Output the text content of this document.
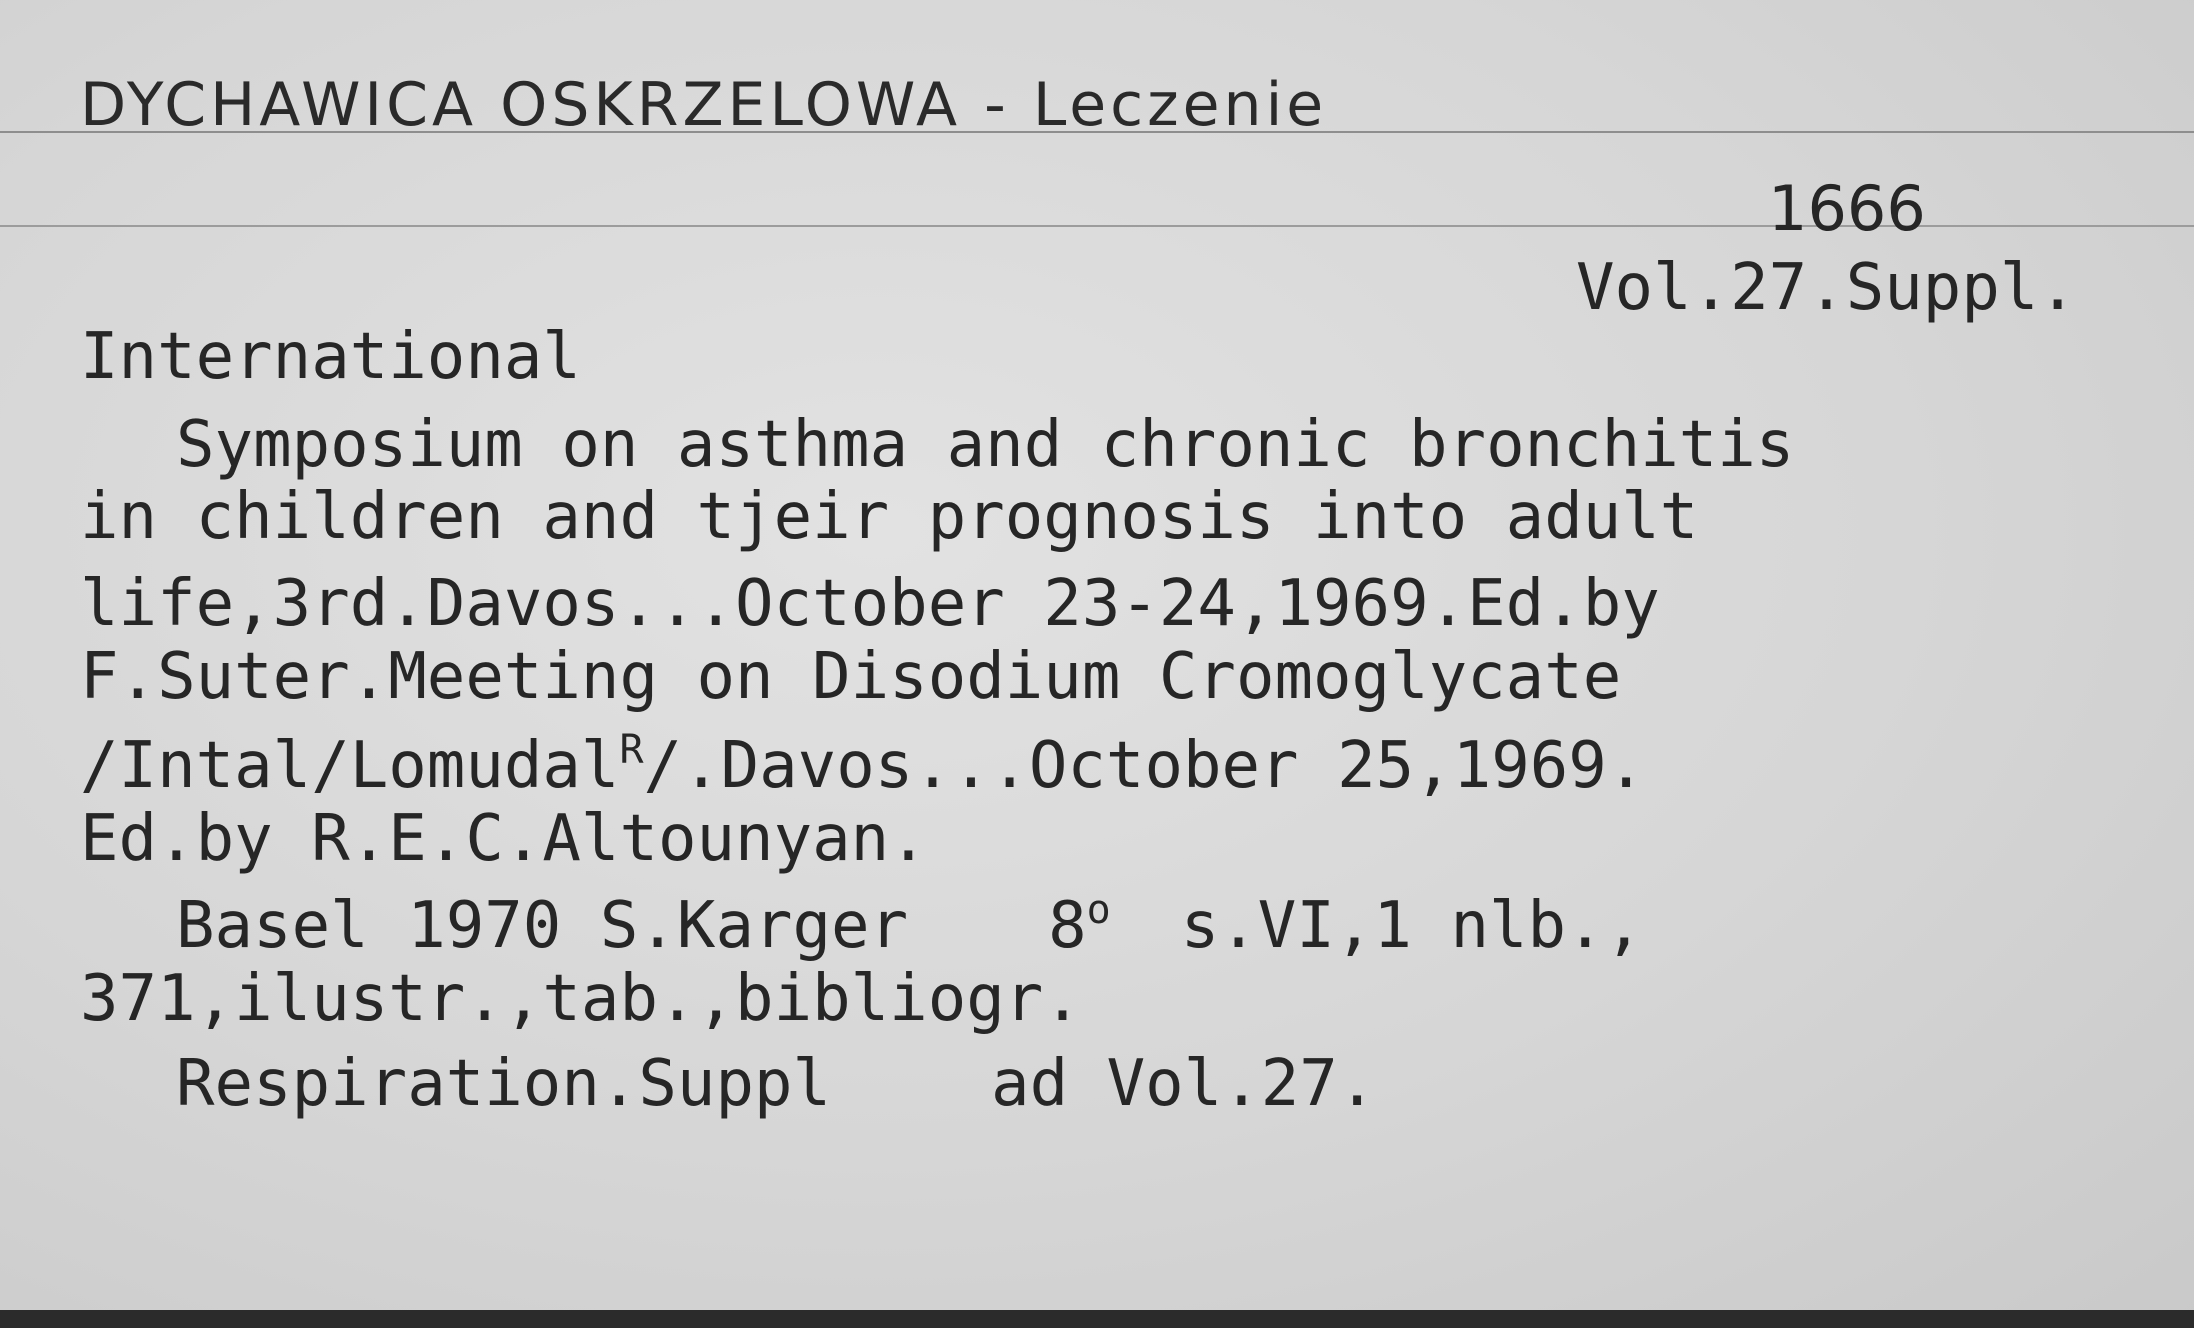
DYCHAWICA OSKRZELOWA - Leczenie
1666
Vol.27.Suppl.
International
Symposium on asthma and chronic bronchitis
in children and tjeir prognosis into adult
life,3rd.Davos...October 23-24,1969.Ed.by
F.Suter.Meeting on Disodium Cromoglycate
/Intal/Lomudal$^R$/.Davos...October 25,1969.
Ed.by R.E.C.Altounyan.
Basel 1970 S.Karger 8$^o$ s.VI,1 nlb.,
371,ilustr.,tab.,bibliogr.
Respiration.Suppl	ad Vol.27.
